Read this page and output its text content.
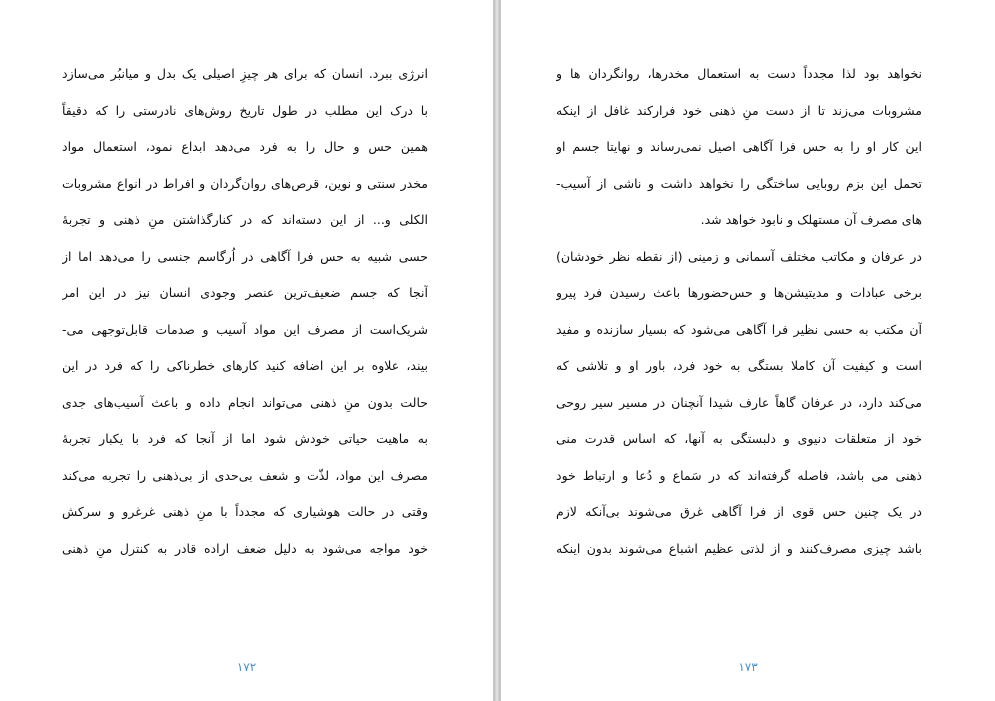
انرژی ببرد. انسان که برای هر چیزِ اصیلی یک بدل و میانبُر می‌سازد
با درک این مطلب در طول تاریخ روش‌های نادرستی را که دقیقاً
همین حس و حال را به فرد می‌دهد ابداع نمود، استعمال مواد
مخدر سنتی و نوین، قرص‌های روان‌گردان و افراط در انواع مشروبات
الکلی و... از این دسته‌اند که در کنارگذاشتن منِ ذهنی و تجربهٔ
حسی شبیه به حس فرا آگاهی در اُرگاسم جنسی را می‌دهد اما از
آنجا که جسم ضعیف‌ترین عنصر وجودی انسان نیز در این امر
شریک‌است از مصرف این مواد آسیب و صدمات قابل‌توجهی می-
بیند، علاوه بر این اضافه کنید کارهای خطرناکی را که فرد در این
حالت بدون منِ ذهنی می‌تواند انجام داده و باعث آسیب‌های جدی
به ماهیت حیاتی خودش شود اما از آنجا که فرد با یکبار تجربهٔ
مصرف این مواد، لذّت و شعف بی‌حدی از بی‌ذهنی را تجربه می‌کند
وقتی در حالت هوشیاری که مجدداً با منِ ذهنی غرغرو و سرکش
خود مواجه می‌شود به دلیل ضعف اراده قادر به کنترل منِ ذهنی
۱۷۲
نخواهد بود لذا مجدداً دست به استعمال مخدرها، روانگردان ها و
مشروبات می‌زند تا از دست منِ ذهنی خود فرارکند غافل از اینکه
این کار او را به حس فرا آگاهی اصیل نمی‌رساند و نهایتا جسم او
تحمل این بزم روبایی ساختگی را نخواهد داشت و ناشی از آسیب-
های مصرف آن مستهلک و نابود خواهد شد.
در عرفان و مکاتب مختلف آسمانی و زمینی (از نقطه نظر خودشان)
برخی عبادات و مدیتیشن‌ها و حس‌حضورها باعث رسیدن فرد پیرو
آن مکتب به حسی نظیر فرا آگاهی می‌شود که بسیار سازنده و مفید
است و کیفیت آن کاملا بستگی به خود فرد، باور او و تلاشی که
می‌کند دارد، در عرفان گاهاً عارف شیدا آنچنان در مسیر سیر روحی
خود از متعلقات دنیوی و دلبستگی به آنها، که اساس قدرت منی
ذهنی می باشد، فاصله گرفته‌اند که در سَماع و دُعا و ارتباط خود
در یک چنین حس قوی از فرا آگاهی غرق می‌شوند بی‌آنکه لازم
باشد چیزی مصرف‌کنند و از لذتی عظیم اشباع می‌شوند بدون اینکه
۱۷۳
